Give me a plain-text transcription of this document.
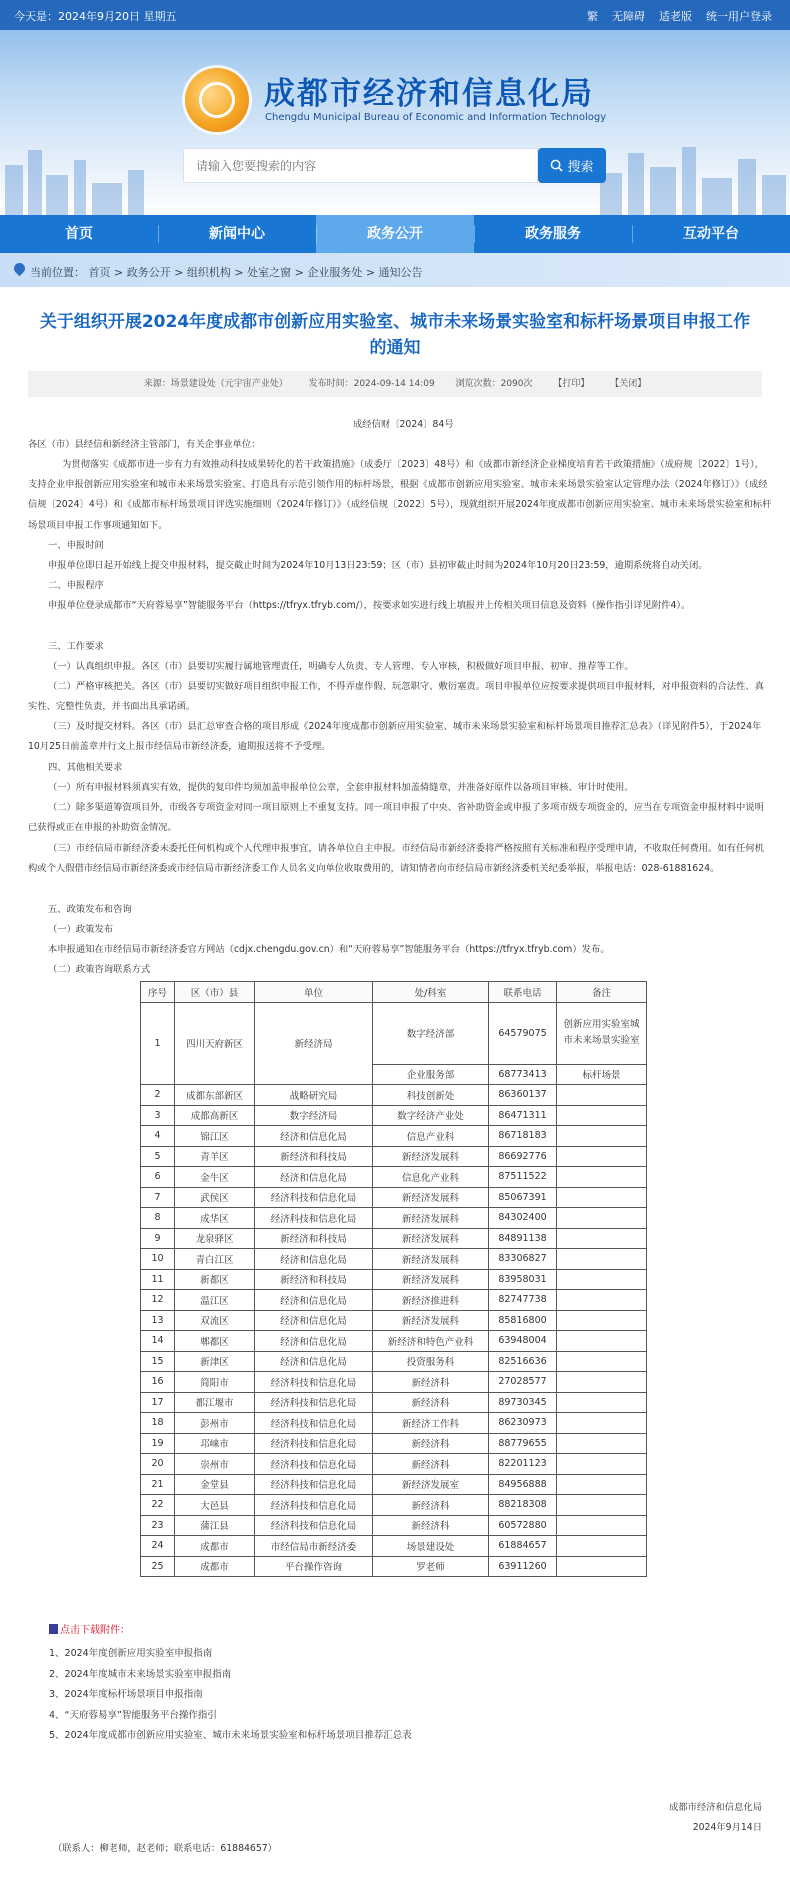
今天是：2024年9月20日 星期五	繁 无障碍 适老版 统一用户登录
成都市经济和信息化局
Chengdu Municipal Bureau of Economic and Information Technology
请输入您要搜索的内容
搜索
首页	新闻中心	政务公开	政务服务	互动平台
当前位置： 首页 > 政务公开 > 组织机构 > 处室之窗 > 企业服务处 > 通知公告
关于组织开展2024年度成都市创新应用实验室、城市未来场景实验室和标杆场景项目申报工作的通知
来源：场景建设处（元宇宙产业处） 发布时间：2024-09-14 14:09 浏览次数：2090次 【打印】 【关闭】
成经信财〔2024〕84号
各区（市）县经信和新经济主管部门，有关企事业单位：
为贯彻落实《成都市进一步有力有效推动科技成果转化的若干政策措施》（成委厅〔2023〕48号）和《成都市新经济企业梯度培育若干政策措施》（成府规〔2022〕1号），支持企业申报创新应用实验室和城市未来场景实验室、打造具有示范引领作用的标杆场景，根据《成都市创新应用实验室、城市未来场景实验室认定管理办法（2024年修订）》（成经信规〔2024〕4号）和《成都市标杆场景项目评选实施细则（2024年修订）》（成经信规〔2022〕5号），现就组织开展2024年度成都市创新应用实验室、城市未来场景实验室和标杆场景项目申报工作事项通知如下。
一、申报时间
申报单位即日起开始线上提交申报材料，提交截止时间为2024年10月13日23:59；区（市）县初审截止时间为2024年10月20日23:59，逾期系统将自动关闭。
二、申报程序
申报单位登录成都市“天府蓉易享”智能服务平台（https://tfryx.tfryb.com/），按要求如实进行线上填报并上传相关项目信息及资料（操作指引详见附件4）。
三、工作要求
（一）认真组织申报。各区（市）县要切实履行属地管理责任，明确专人负责、专人管理、专人审核，积极做好项目申报、初审、推荐等工作。
（二）严格审核把关。各区（市）县要切实做好项目组织申报工作，不得弄虚作假、玩忽职守、敷衍塞责。项目申报单位应按要求提供项目申报材料，对申报资料的合法性、真实性、完整性负责，并书面出具承诺函。
（三）及时提交材料。各区（市）县汇总审查合格的项目形成《2024年度成都市创新应用实验室、城市未来场景实验室和标杆场景项目推荐汇总表》（详见附件5），于2024年10月25日前盖章并行文上报市经信局市新经济委，逾期报送将不予受理。
四、其他相关要求
（一）所有申报材料须真实有效，提供的复印件均须加盖申报单位公章，全套申报材料加盖骑缝章，并准备好原件以备项目审核、审计时使用。
（二）除多渠道筹资项目外，市级各专项资金对同一项目原则上不重复支持。同一项目申报了中央、省补助资金或申报了多项市级专项资金的，应当在专项资金申报材料中说明已获得或正在申报的补助资金情况。
（三）市经信局市新经济委未委托任何机构或个人代理申报事宜，请各单位自主申报。市经信局市新经济委将严格按照有关标准和程序受理申请，不收取任何费用。如有任何机构或个人假借市经信局市新经济委或市经信局市新经济委工作人员名义向单位收取费用的，请知情者向市经信局市新经济委机关纪委举报，举报电话：028-61881624。
五、政策发布和咨询
（一）政策发布
本申报通知在市经信局市新经济委官方网站（cdjx.chengdu.gov.cn）和“天府蓉易享”智能服务平台（https://tfryx.tfryb.com）发布。
（二）政策咨询联系方式
序号	区（市）县	单位	处/科室	联系电话	备注
1	四川天府新区	新经济局	数字经济部	64579075	创新应用实验室城市未来场景实验室
			企业服务部	68773413	标杆场景
2	成都东部新区	战略研究局	科技创新处	86360137	
3	成都高新区	数字经济局	数字经济产业处	86471311	
4	锦江区	经济和信息化局	信息产业科	86718183	
5	青羊区	新经济和科技局	新经济发展科	86692776	
6	金牛区	经济和信息化局	信息化产业科	87511522	
7	武侯区	经济科技和信息化局	新经济发展科	85067391	
8	成华区	经济科技和信息化局	新经济发展科	84302400	
9	龙泉驿区	新经济和科技局	新经济发展科	84891138	
10	青白江区	经济和信息化局	新经济发展科	83306827	
11	新都区	新经济和科技局	新经济发展科	83958031	
12	温江区	经济和信息化局	新经济推进科	82747738	
13	双流区	经济和信息化局	新经济发展科	85816800	
14	郫都区	经济和信息化局	新经济和特色产业科	63948004	
15	新津区	经济和信息化局	投资服务科	82516636	
16	简阳市	经济科技和信息化局	新经济科	27028577	
17	都江堰市	经济科技和信息化局	新经济科	89730345	
18	彭州市	经济科技和信息化局	新经济工作科	86230973	
19	邛崃市	经济科技和信息化局	新经济科	88779655	
20	崇州市	经济科技和信息化局	新经济科	82201123	
21	金堂县	经济科技和信息化局	新经济发展室	84956888	
22	大邑县	经济科技和信息化局	新经济科	88218308	
23	蒲江县	经济科技和信息化局	新经济科	60572880	
24	成都市	市经信局市新经济委	场景建设处	61884657	
25	成都市	平台操作咨询	罗老师	63911260	
点击下载附件：
1、2024年度创新应用实验室申报指南
2、2024年度城市未来场景实验室申报指南
3、2024年度标杆场景项目申报指南
4、“天府蓉易享”智能服务平台操作指引
5、2024年度成都市创新应用实验室、城市未来场景实验室和标杆场景项目推荐汇总表
成都市经济和信息化局
2024年9月14日
（联系人：柳老师，赵老师；联系电话：61884657）
